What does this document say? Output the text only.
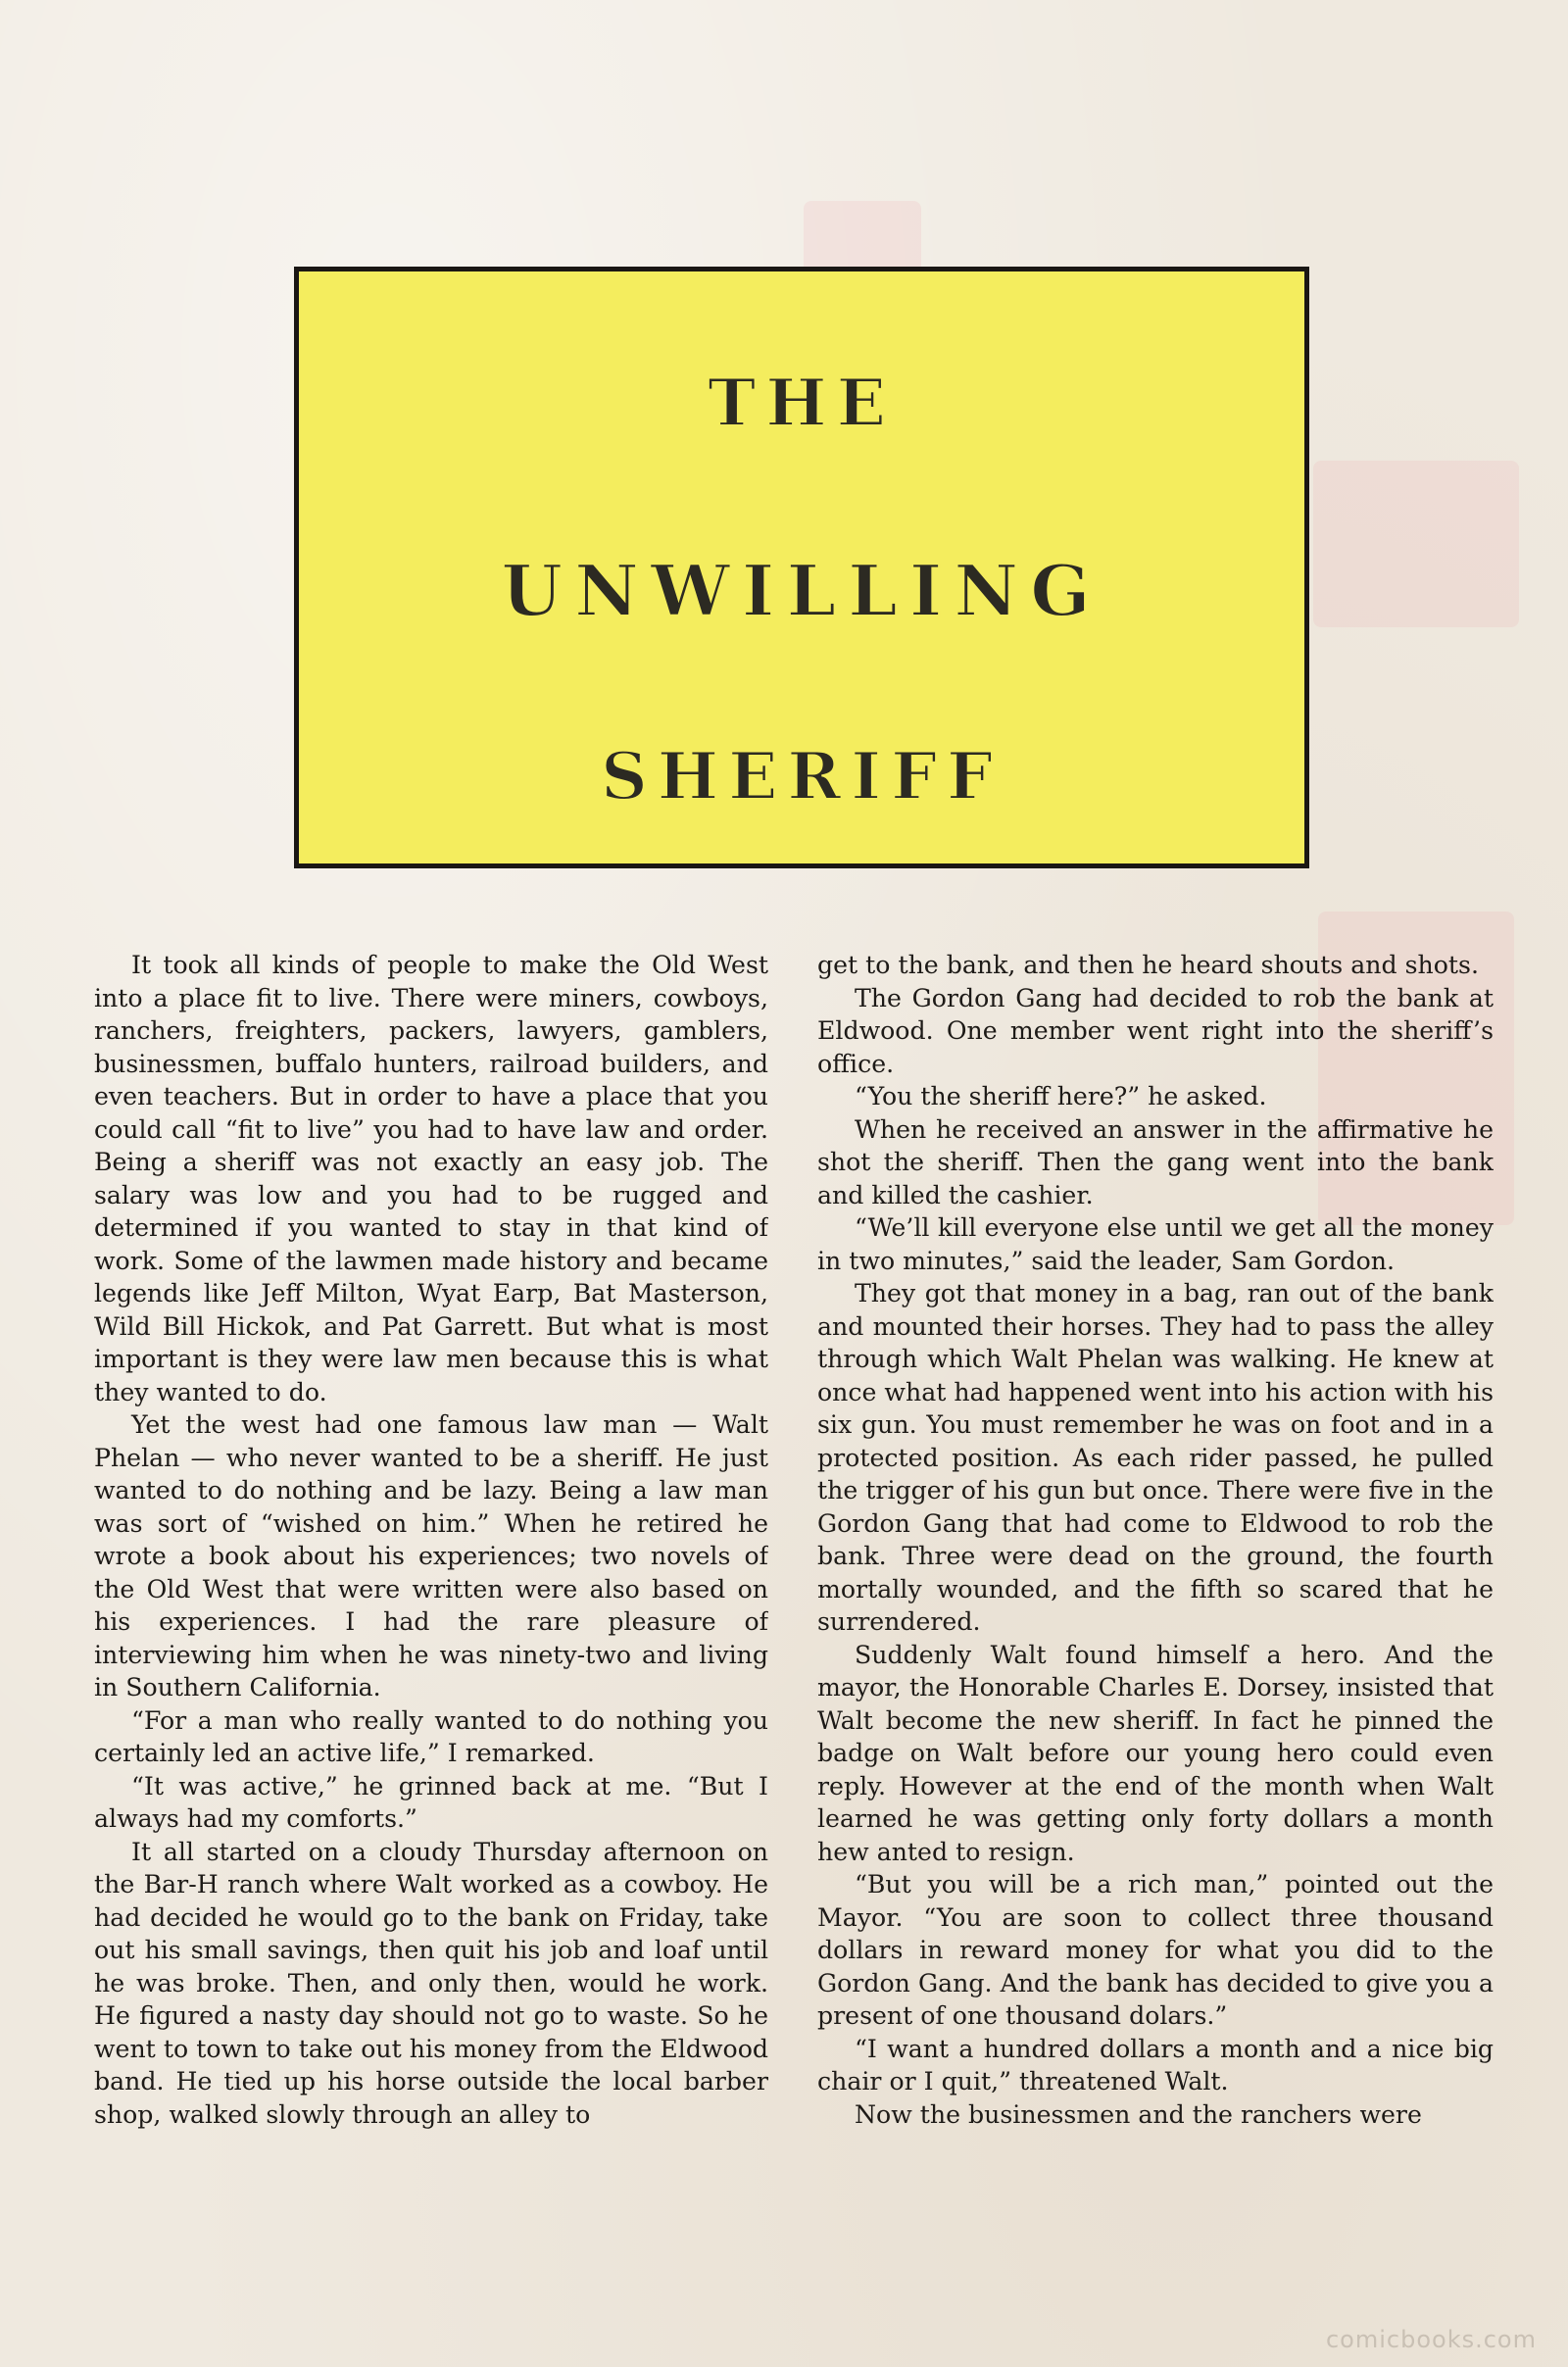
THE
UNWILLING
SHERIFF

It took all kinds of people to make the Old West into a place fit to live. There were miners, cowboys, ranchers, freighters, packers, lawyers, gamblers, businessmen, buffalo hunters, railroad builders, and even teachers. But in order to have a place that you could call “fit to live” you had to have law and order. Being a sheriff was not exactly an easy job. The salary was low and you had to be rugged and determined if you wanted to stay in that kind of work. Some of the lawmen made history and became legends like Jeff Milton, Wyat Earp, Bat Masterson, Wild Bill Hickok, and Pat Garrett. But what is most important is they were law men because this is what they wanted to do.

Yet the west had one famous law man — Walt Phelan — who never wanted to be a sheriff. He just wanted to do nothing and be lazy. Being a law man was sort of “wished on him.” When he retired he wrote a book about his experiences; two novels of the Old West that were written were also based on his experiences. I had the rare pleasure of interviewing him when he was ninety-two and living in Southern California.

“For a man who really wanted to do nothing you certainly led an active life,” I remarked.

“It was active,” he grinned back at me. “But I always had my comforts.”

It all started on a cloudy Thursday afternoon on the Bar-H ranch where Walt worked as a cowboy. He had decided he would go to the bank on Friday, take out his small savings, then quit his job and loaf until he was broke. Then, and only then, would he work. He figured a nasty day should not go to waste. So he went to town to take out his money from the Eldwood band. He tied up his horse outside the local barber shop, walked slowly through an alley to

get to the bank, and then he heard shouts and shots.

The Gordon Gang had decided to rob the bank at Eldwood. One member went right into the sheriff’s office.

“You the sheriff here?” he asked.

When he received an answer in the affirmative he shot the sheriff. Then the gang went into the bank and killed the cashier.

“We’ll kill everyone else until we get all the money in two minutes,” said the leader, Sam Gordon.

They got that money in a bag, ran out of the bank and mounted their horses. They had to pass the alley through which Walt Phelan was walking. He knew at once what had happened went into his action with his six gun. You must remember he was on foot and in a protected position. As each rider passed, he pulled the trigger of his gun but once. There were five in the Gordon Gang that had come to Eldwood to rob the bank. Three were dead on the ground, the fourth mortally wounded, and the fifth so scared that he surrendered.

Suddenly Walt found himself a hero. And the mayor, the Honorable Charles E. Dorsey, insisted that Walt become the new sheriff. In fact he pinned the badge on Walt before our young hero could even reply. However at the end of the month when Walt learned he was getting only forty dollars a month hew anted to resign.

“But you will be a rich man,” pointed out the Mayor. “You are soon to collect three thousand dollars in reward money for what you did to the Gordon Gang. And the bank has decided to give you a present of one thousand dolars.”

“I want a hundred dollars a month and a nice big chair or I quit,” threatened Walt.

Now the businessmen and the ranchers were

comicbooks.com
